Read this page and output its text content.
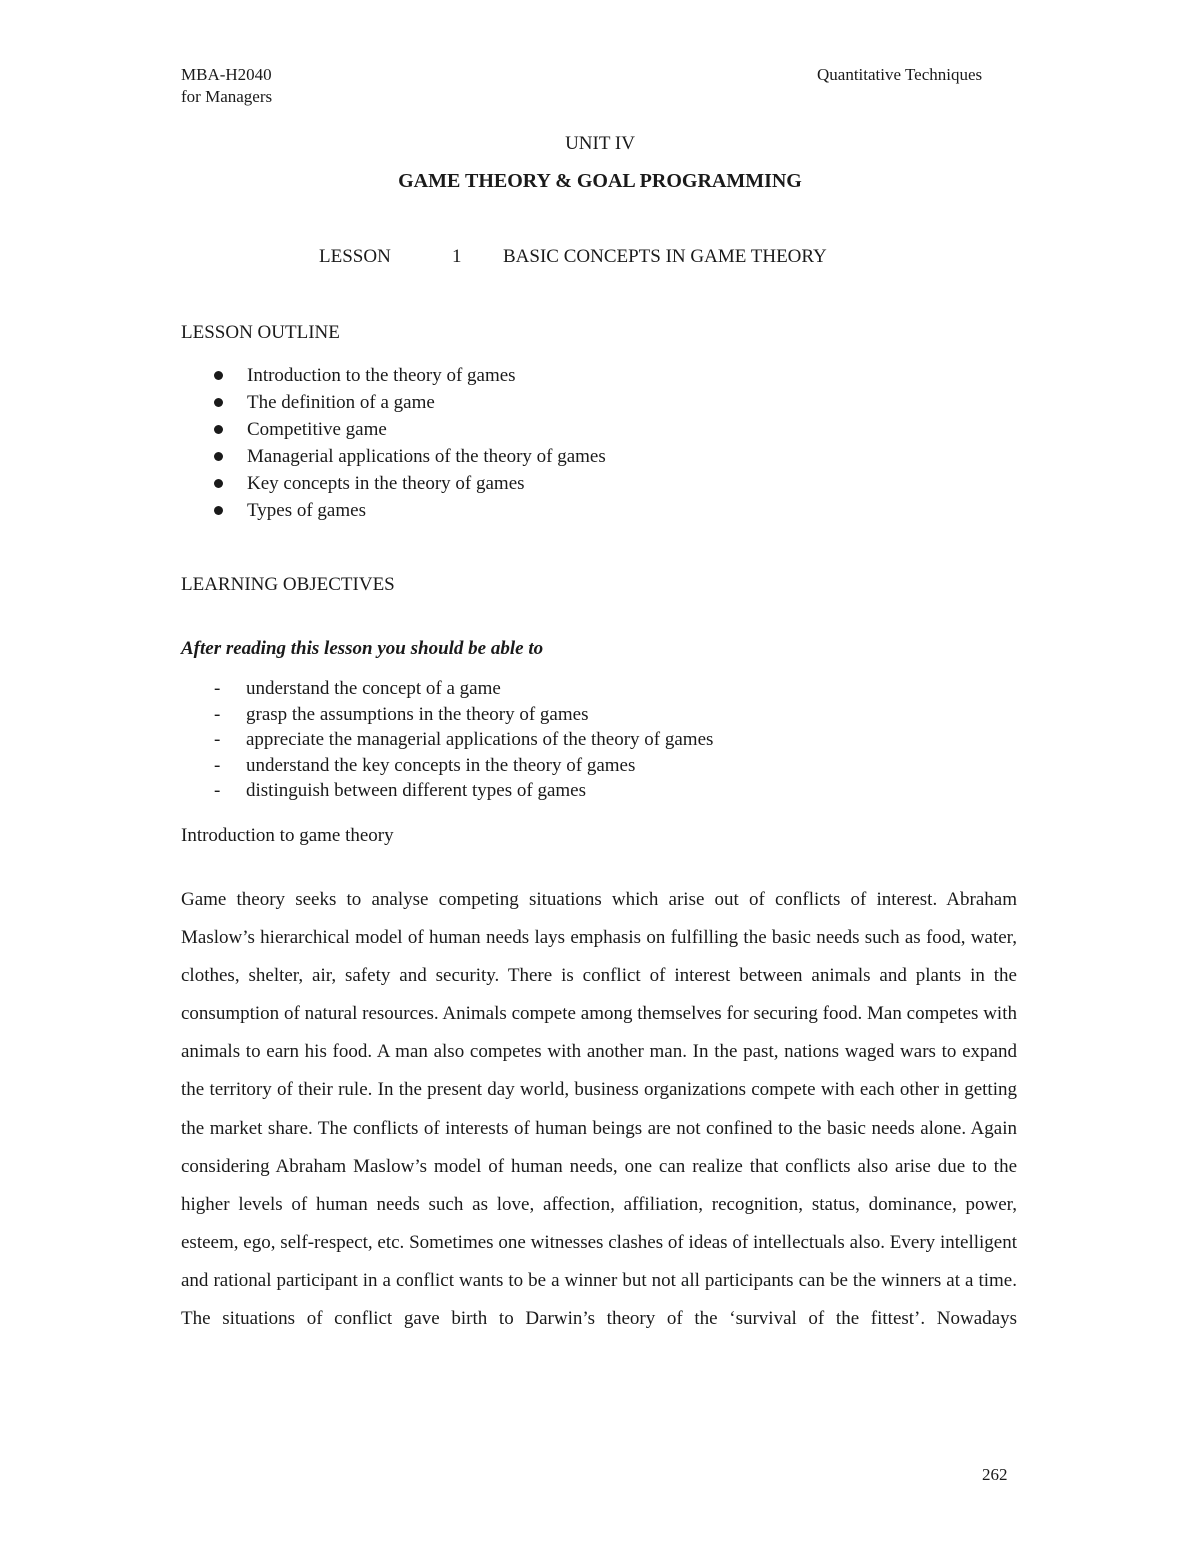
MBA-H2040
for Managers
Quantitative Techniques
UNIT IV
GAME THEORY & GOAL PROGRAMMING
LESSON	1 BASIC CONCEPTS IN GAME THEORY
LESSON OUTLINE
Introduction to the theory of games
The definition of a game
Competitive game
Managerial applications of the theory of games
Key concepts in the theory of games
Types of games
LEARNING OBJECTIVES
After reading this lesson you should be able to
- understand the concept of a game
- grasp the assumptions in the theory of games
- appreciate the managerial applications of the theory of games
- understand the key concepts in the theory of games
- distinguish between different types of games
Introduction to game theory

Game theory seeks to analyse competing situations which arise out of conflicts of interest. Abraham Maslow’s hierarchical model of human needs lays emphasis on fulfilling the basic needs such as food, water, clothes, shelter, air, safety and security. There is conflict of interest between animals and plants in the consumption of natural resources. Animals compete among themselves for securing food. Man competes with animals to earn his food. A man also competes with another man. In the past, nations waged wars to expand the territory of their rule. In the present day world, business organizations compete with each other in getting the market share. The conflicts of interests of human beings are not confined to the basic needs alone. Again considering Abraham Maslow’s model of human needs, one can realize that conflicts also arise due to the higher levels of human needs such as love, affection, affiliation, recognition, status, dominance, power, esteem, ego, self-respect, etc. Sometimes one witnesses clashes of ideas of intellectuals also. Every intelligent and rational participant in a conflict wants to be a winner but not all participants can be the winners at a time. The situations of conflict gave birth to Darwin’s theory of the ‘survival of the fittest’. Nowadays

262
